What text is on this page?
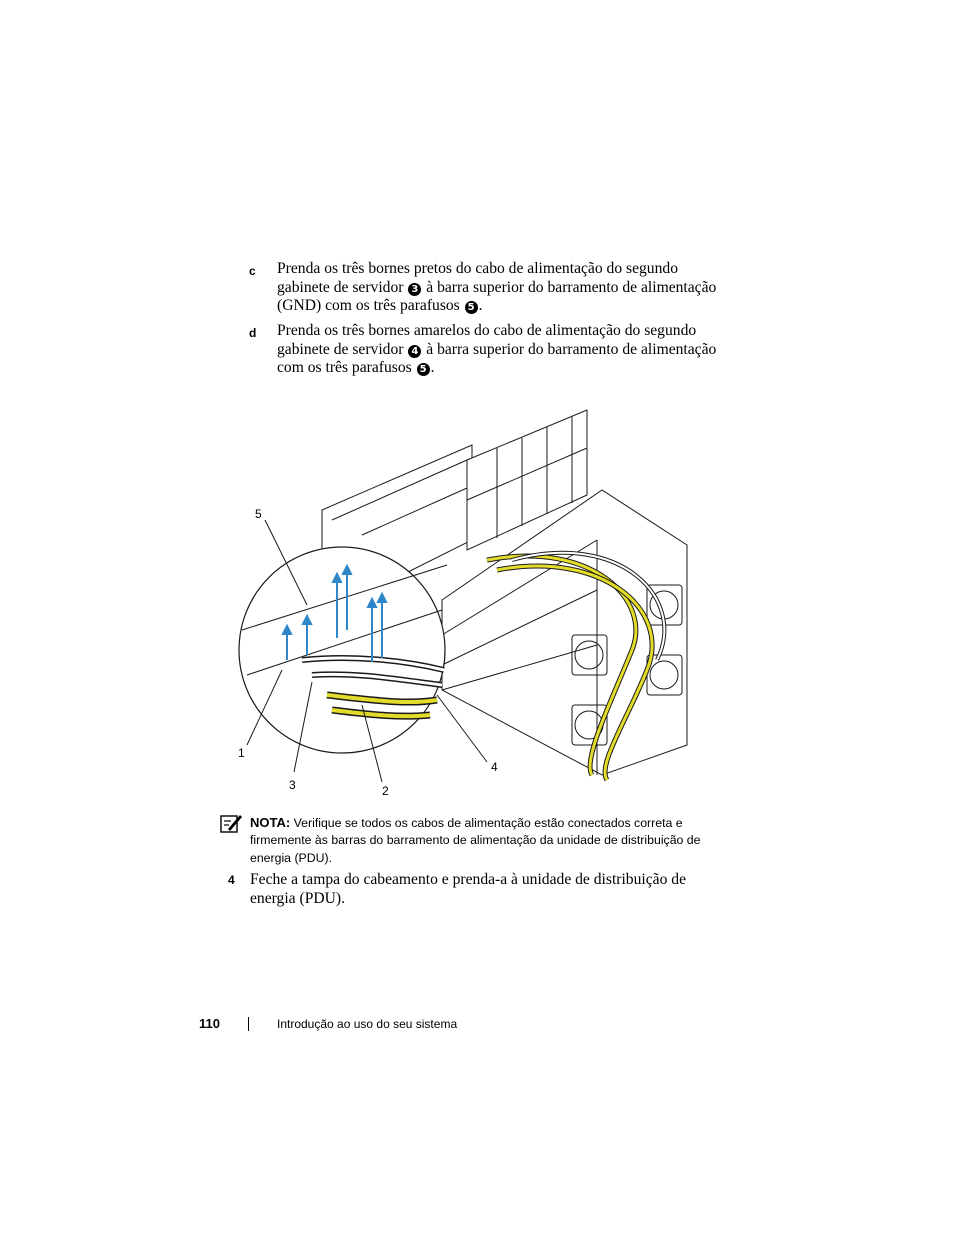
c Prenda os três bornes pretos do cabo de alimentação do segundo gabinete de servidor 3 à barra superior do barramento de alimentação (GND) com os três parafusos 5 .
d Prenda os três bornes amarelos do cabo de alimentação do segundo gabinete de servidor 4 à barra superior do barramento de alimentação com os três parafusos 5 .
5
1
3	2
4
NOTA: Verifique se todos os cabos de alimentação estão conectados correta e firmemente às barras do barramento de alimentação da unidade de distribuição de energia (PDU).
4 Feche a tampa do cabeamento e prenda-a à unidade de distribuição de energia (PDU).
110	Introdução ao uso do seu sistema
